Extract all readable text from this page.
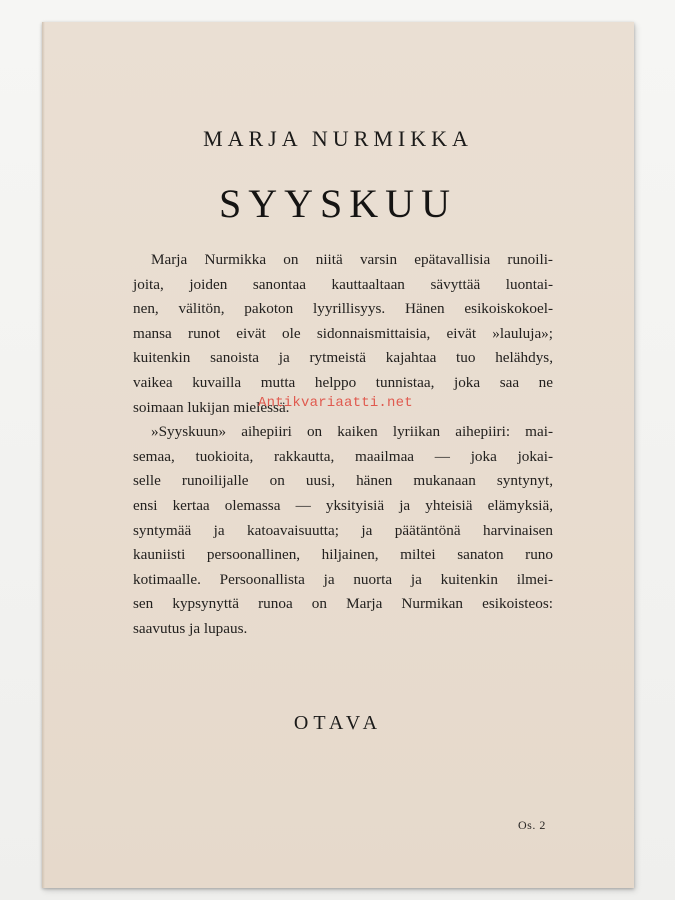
MARJA NURMIKKA
SYYSKUU
Marja Nurmikka on niitä varsin epätavallisia runoili-
joita, joiden sanontaa kauttaaltaan sävyttää luontai-
nen, välitön, pakoton lyyrillisyys. Hänen esikoiskokoel-
mansa runot eivät ole sidonnaismittaisia, eivät »lauluja»;
kuitenkin sanoista ja rytmeistä kajahtaa tuo helähdys,
vaikea kuvailla mutta helppo tunnistaa, joka saa ne
soimaan lukijan mielessä.
»Syyskuun» aihepiiri on kaiken lyriikan aihepiiri: mai-
semaa, tuokioita, rakkautta, maailmaa — joka jokai-
selle runoilijalle on uusi, hänen mukanaan syntynyt,
ensi kertaa olemassa — yksityisiä ja yhteisiä elämyksiä,
syntymää ja katoavaisuutta; ja päätäntönä harvinaisen
kauniisti persoonallinen, hiljainen, miltei sanaton runo
kotimaalle. Persoonallista ja nuorta ja kuitenkin ilmei-
sen kypsynyttä runoa on Marja Nurmikan esikoisteos:
saavutus ja lupaus.
OTAVA
Os. 2
Antikvariaatti.net
